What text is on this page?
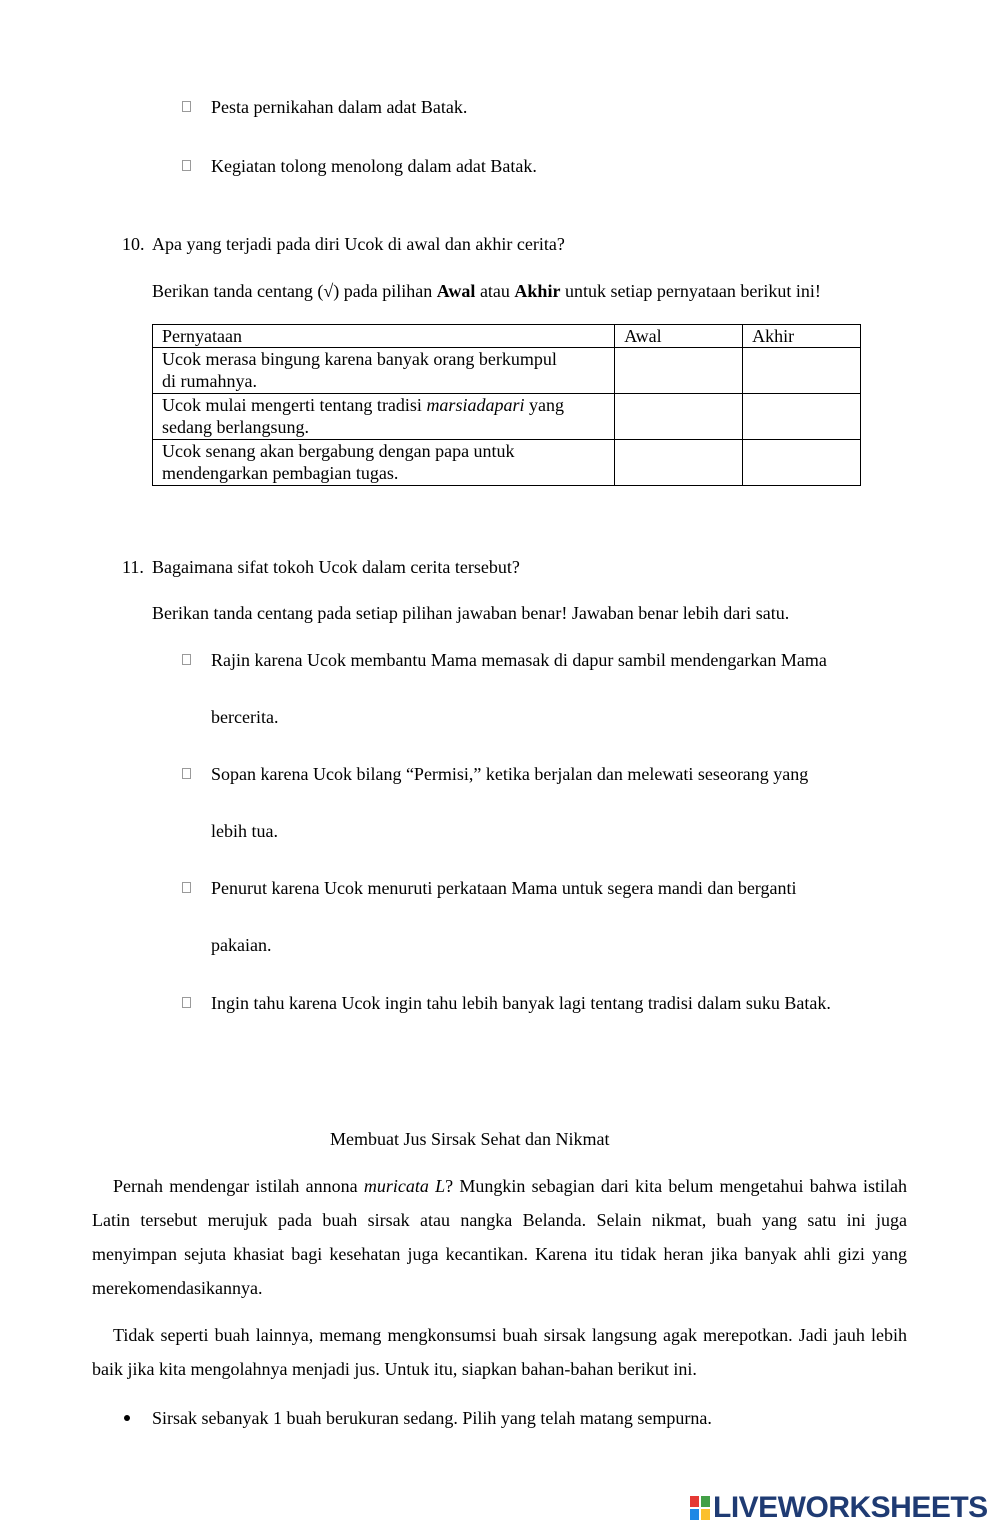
Pesta pernikahan dalam adat Batak.
Kegiatan tolong menolong dalam adat Batak.
10. Apa yang terjadi pada diri Ucok di awal dan akhir cerita?
Berikan tanda centang (√) pada pilihan Awal atau Akhir untuk setiap pernyataan berikut ini!
Pernyataan	Awal	Akhir
Ucok merasa bingung karena banyak orang berkumpul
di rumahnya.		
Ucok mulai mengerti tentang tradisi marsiadapari yang
sedang berlangsung.		
Ucok senang akan bergabung dengan papa untuk
mendengarkan pembagian tugas.		
11. Bagaimana sifat tokoh Ucok dalam cerita tersebut?
Berikan tanda centang pada setiap pilihan jawaban benar! Jawaban benar lebih dari satu.
Rajin karena Ucok membantu Mama memasak di dapur sambil mendengarkan Mama
bercerita.
Sopan karena Ucok bilang “Permisi,” ketika berjalan dan melewati seseorang yang
lebih tua.
Penurut karena Ucok menuruti perkataan Mama untuk segera mandi dan berganti
pakaian.
Ingin tahu karena Ucok ingin tahu lebih banyak lagi tentang tradisi dalam suku Batak.
Membuat Jus Sirsak Sehat dan Nikmat
Pernah mendengar istilah annona muricata L? Mungkin sebagian dari kita belum mengetahui bahwa istilah Latin tersebut merujuk pada buah sirsak atau nangka Belanda. Selain nikmat, buah yang satu ini juga menyimpan sejuta khasiat bagi kesehatan juga kecantikan. Karena itu tidak heran jika banyak ahli gizi yang merekomendasikannya.
Tidak seperti buah lainnya, memang mengkonsumsi buah sirsak langsung agak merepotkan. Jadi jauh lebih baik jika kita mengolahnya menjadi jus. Untuk itu, siapkan bahan-bahan berikut ini.
Sirsak sebanyak 1 buah berukuran sedang. Pilih yang telah matang sempurna.
LIVEWORKSHEETS
